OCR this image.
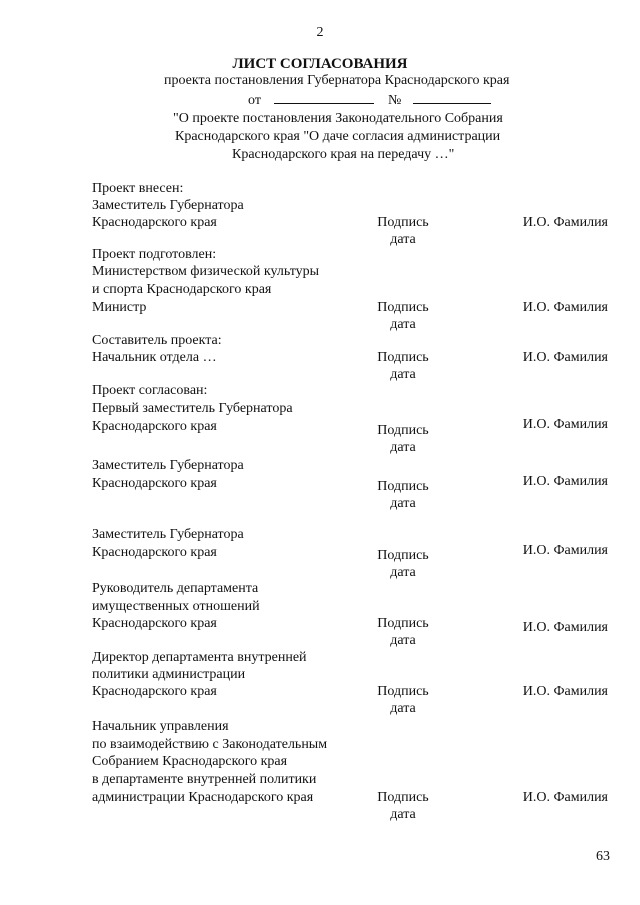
2
ЛИСТ СОГЛАСОВАНИЯ
проекта постановления Губернатора Краснодарского края
от	№
"О проекте постановления Законодательного Собрания
Краснодарского края "О даче согласия администрации
Краснодарского края на передачу …"
Проект внесен:
Заместитель Губернатора
Краснодарского края	Подпись
дата
И.О. Фамилия
Проект подготовлен:
Министерством физической культуры
и спорта Краснодарского края
Министр	Подпись
дата
И.О. Фамилия
Составитель проекта:
Начальник отдела …	Подпись
дата
И.О. Фамилия
Проект согласован:
Первый заместитель Губернатора
Краснодарского края	Подпись
дата
И.О. Фамилия
Заместитель Губернатора
Краснодарского края	Подпись
дата
И.О. Фамилия
Заместитель Губернатора
Краснодарского края	Подпись
дата
И.О. Фамилия
Руководитель департамента
имущественных отношений
Краснодарского края	Подпись
дата
И.О. Фамилия
Директор департамента внутренней
политики администрации
Краснодарского края	Подпись
дата
И.О. Фамилия
Начальник управления
по взаимодействию с Законодательным
Собранием Краснодарского края
в департаменте внутренней политики
администрации Краснодарского края	Подпись
дата
И.О. Фамилия
63
